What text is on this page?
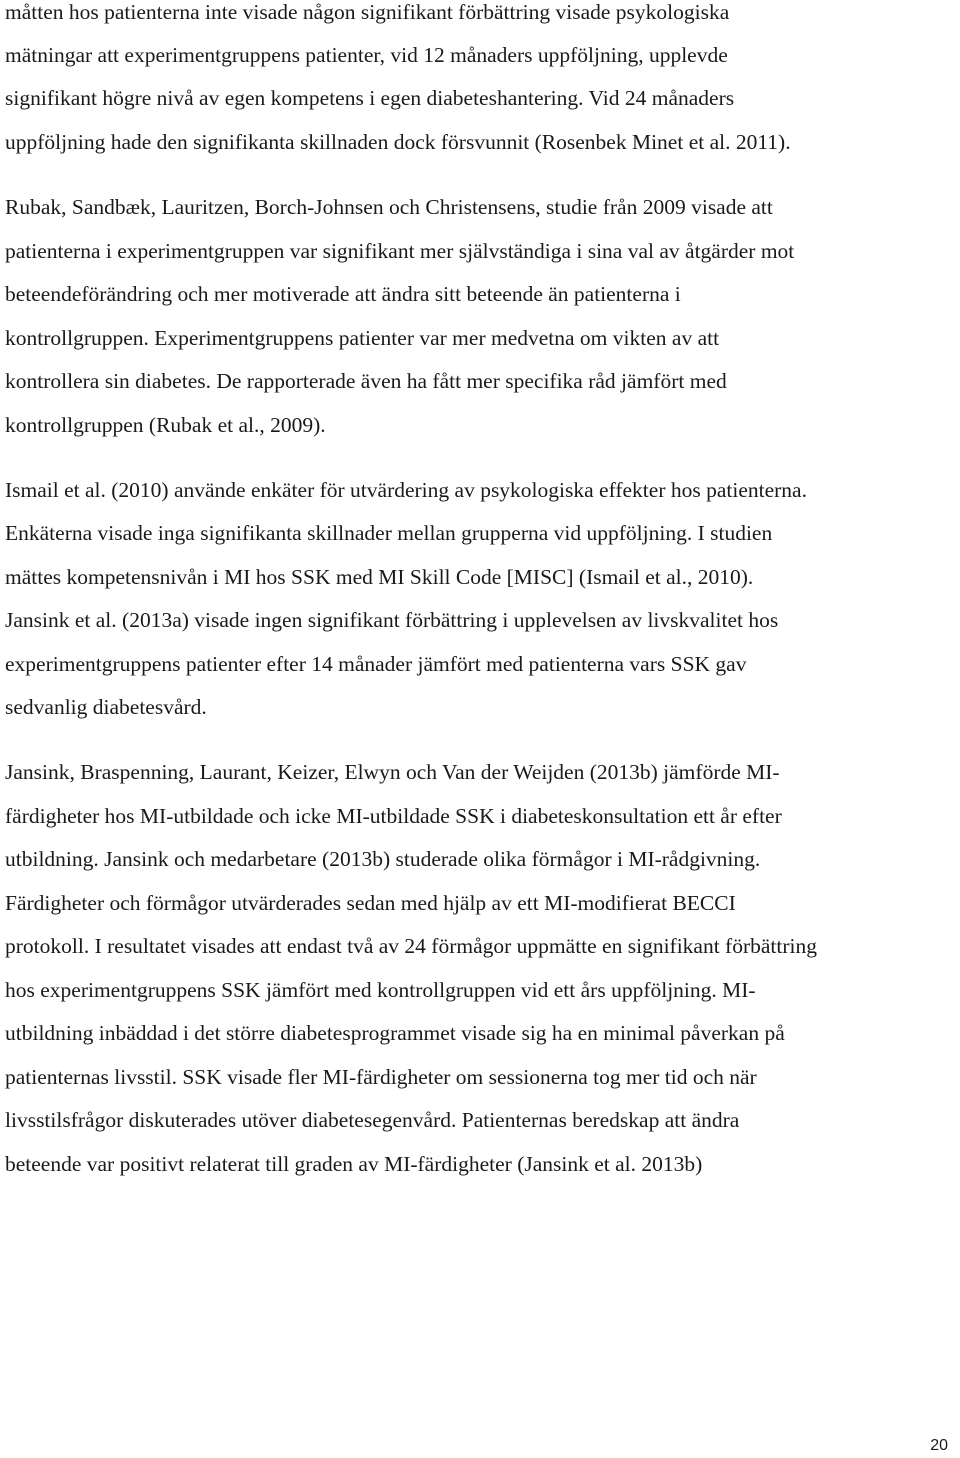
måtten hos patienterna inte visade någon signifikant förbättring visade psykologiska
mätningar att experimentgruppens patienter, vid 12 månaders uppföljning, upplevde
signifikant högre nivå av egen kompetens i egen diabeteshantering. Vid 24 månaders
uppföljning hade den signifikanta skillnaden dock försvunnit (Rosenbek Minet et al. 2011).
Rubak, Sandbæk, Lauritzen, Borch-Johnsen och Christensens, studie från 2009 visade att
patienterna i experimentgruppen var signifikant mer självständiga i sina val av åtgärder mot
beteendeförändring och mer motiverade att ändra sitt beteende än patienterna i
kontrollgruppen. Experimentgruppens patienter var mer medvetna om vikten av att
kontrollera sin diabetes. De rapporterade även ha fått mer specifika råd jämfört med
kontrollgruppen (Rubak et al., 2009).
Ismail et al. (2010) använde enkäter för utvärdering av psykologiska effekter hos patienterna.
Enkäterna visade inga signifikanta skillnader mellan grupperna vid uppföljning. I studien
mättes kompetensnivån i MI hos SSK med MI Skill Code [MISC] (Ismail et al., 2010).
Jansink et al. (2013a) visade ingen signifikant förbättring i upplevelsen av livskvalitet hos
experimentgruppens patienter efter 14 månader jämfört med patienterna vars SSK gav
sedvanlig diabetesvård.
Jansink, Braspenning, Laurant, Keizer, Elwyn och Van der Weijden (2013b) jämförde MI-
färdigheter hos MI-utbildade och icke MI-utbildade SSK i diabeteskonsultation ett år efter
utbildning. Jansink och medarbetare (2013b) studerade olika förmågor i MI-rådgivning.
Färdigheter och förmågor utvärderades sedan med hjälp av ett MI-modifierat BECCI
protokoll. I resultatet visades att endast två av 24 förmågor uppmätte en signifikant förbättring
hos experimentgruppens SSK jämfört med kontrollgruppen vid ett års uppföljning. MI-
utbildning inbäddad i det större diabetesprogrammet visade sig ha en minimal påverkan på
patienternas livsstil. SSK visade fler MI-färdigheter om sessionerna tog mer tid och när
livsstilsfrågor diskuterades utöver diabetesegenvård. Patienternas beredskap att ändra
beteende var positivt relaterat till graden av MI-färdigheter (Jansink et al. 2013b)
20
